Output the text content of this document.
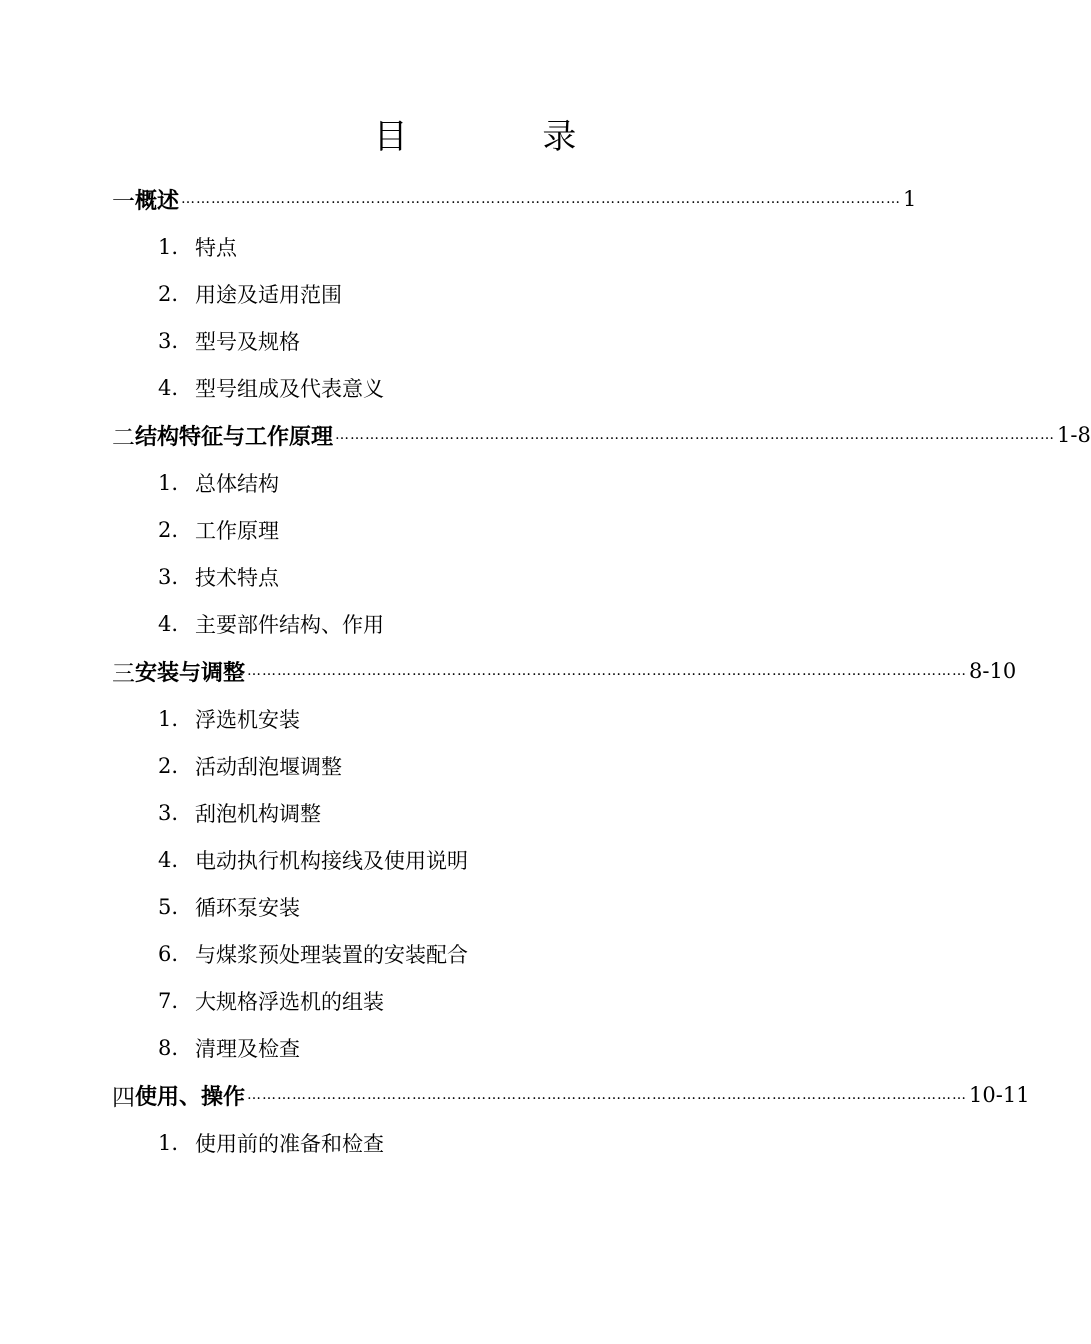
目 录
一 概述 ……………………………………………………………………………………………………………………………… 1
1. 特点
2. 用途及适用范围
3. 型号及规格
4. 型号组成及代表意义
二 结构特征与工作原理 ……………………………………………………………………………………………………………………………… 1-8
1. 总体结构
2. 工作原理
3. 技术特点
4. 主要部件结构、作用
三 安装与调整 ……………………………………………………………………………………………………………………………… 8-10
1. 浮选机安装
2. 活动刮泡堰调整
3. 刮泡机构调整
4. 电动执行机构接线及使用说明
5. 循环泵安装
6. 与煤浆预处理装置的安装配合
7. 大规格浮选机的组装
8. 清理及检查
四 使用、操作 ……………………………………………………………………………………………………………………………… 10-11
1. 使用前的准备和检查
